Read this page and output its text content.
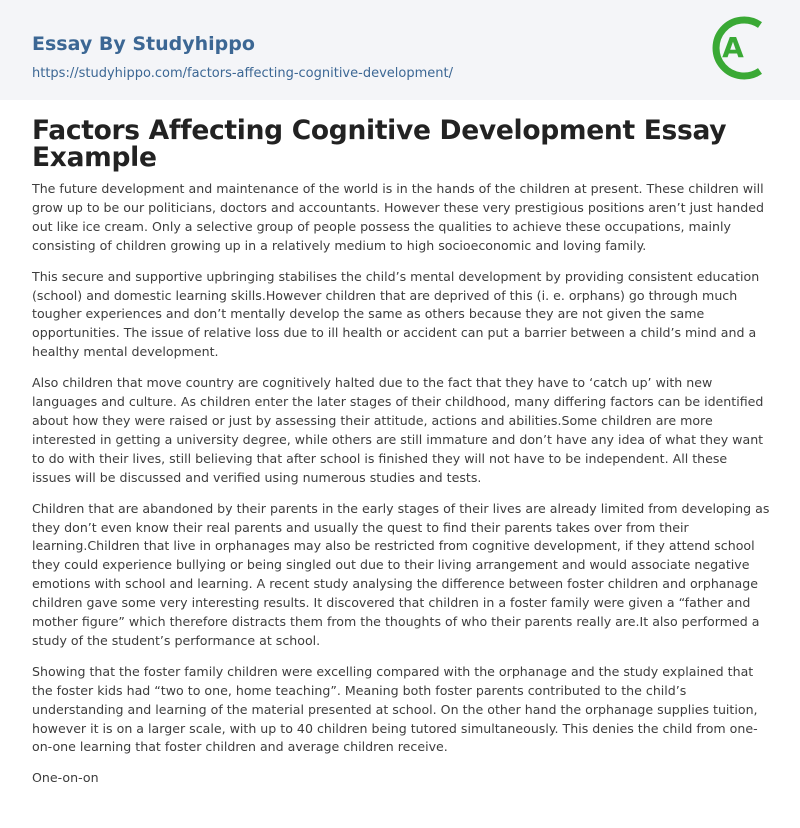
Essay By Studyhippo
https://studyhippo.com/factors-affecting-cognitive-development/
A
Factors Affecting Cognitive Development Essay Example

The future development and maintenance of the world is in the hands of the children at present. These children will grow up to be our politicians, doctors and accountants. However these very prestigious positions aren’t just handed out like ice cream. Only a selective group of people possess the qualities to achieve these occupations, mainly consisting of children growing up in a relatively medium to high socioeconomic and loving family.

This secure and supportive upbringing stabilises the child’s mental development by providing consistent education (school) and domestic learning skills.However children that are deprived of this (i. e. orphans) go through much tougher experiences and don’t mentally develop the same as others because they are not given the same opportunities. The issue of relative loss due to ill health or accident can put a barrier between a child’s mind and a healthy mental development.

Also children that move country are cognitively halted due to the fact that they have to ‘catch up’ with new languages and culture. As children enter the later stages of their childhood, many differing factors can be identified about how they were raised or just by assessing their attitude, actions and abilities.Some children are more interested in getting a university degree, while others are still immature and don’t have any idea of what they want to do with their lives, still believing that after school is finished they will not have to be independent. All these issues will be discussed and verified using numerous studies and tests.

Children that are abandoned by their parents in the early stages of their lives are already limited from developing as they don’t even know their real parents and usually the quest to find their parents takes over from their learning.Children that live in orphanages may also be restricted from cognitive development, if they attend school they could experience bullying or being singled out due to their living arrangement and would associate negative emotions with school and learning. A recent study analysing the difference between foster children and orphanage children gave some very interesting results. It discovered that children in a foster family were given a “father and mother figure” which therefore distracts them from the thoughts of who their parents really are.It also performed a study of the student’s performance at school.

Showing that the foster family children were excelling compared with the orphanage and the study explained that the foster kids had “two to one, home teaching”. Meaning both foster parents contributed to the child’s understanding and learning of the material presented at school. On the other hand the orphanage supplies tuition, however it is on a larger scale, with up to 40 children being tutored simultaneously. This denies the child from one-on-one learning that foster children and average children receive.

One-on-on
